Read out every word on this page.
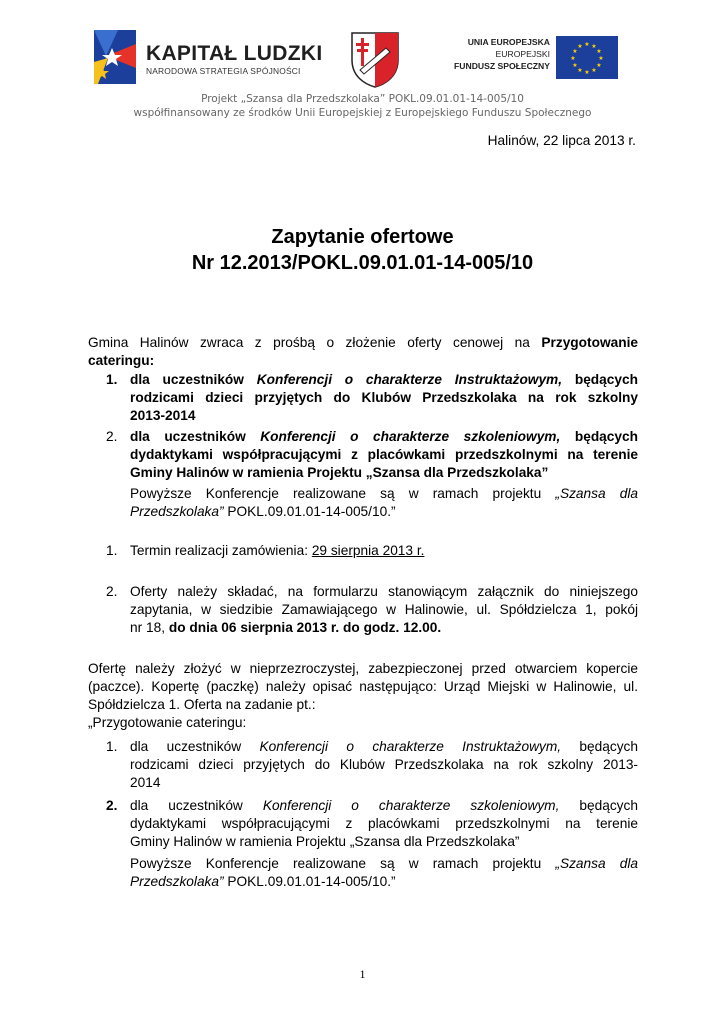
KAPITAŁ LUDZKI
NARODOWA STRATEGIA SPÓJNOŚCI
UNIA EUROPEJSKA
EUROPEJSKI
FUNDUSZ SPOŁECZNY
★ ★
★
★
★
★
★
★
★
★
★
★
Projekt „Szansa dla Przedszkolaka” POKL.09.01.01-14-005/10
współfinansowany ze środków Unii Europejskiej z Europejskiego Funduszu Społecznego
Halinów, 22 lipca 2013 r.
Zapytanie ofertowe
Nr 12.2013/POKL.09.01.01-14-005/10
Gmina Halinów zwraca z prośbą o złożenie oferty cenowej na Przygotowanie
cateringu:
1. dla uczestników Konferencji o charakterze Instruktażowym, będących
rodzicami dzieci przyjętych do Klubów Przedszkolaka na rok szkolny
2013-2014
2. dla uczestników Konferencji o charakterze szkoleniowym, będących
dydaktykami współpracującymi z placówkami przedszkolnymi na terenie
Gminy Halinów w ramienia Projektu „Szansa dla Przedszkolaka”
Powyższe Konferencje realizowane są w ramach projektu „Szansa dla
Przedszkolaka” POKL.09.01.01-14-005/10.”
1. Termin realizacji zamówienia: 29 sierpnia 2013 r.
2. Oferty należy składać, na formularzu stanowiącym załącznik do niniejszego
zapytania, w siedzibie Zamawiającego w Halinowie, ul. Spółdzielcza 1, pokój
nr 18, do dnia 06 sierpnia 2013 r. do godz. 12.00.
Ofertę należy złożyć w nieprzezroczystej, zabezpieczonej przed otwarciem kopercie
(paczce). Kopertę (paczkę) należy opisać następująco: Urząd Miejski w Halinowie, ul.
Spółdzielcza 1. Oferta na zadanie pt.:
„Przygotowanie cateringu:
1. dla uczestników Konferencji o charakterze Instruktażowym, będących
rodzicami dzieci przyjętych do Klubów Przedszkolaka na rok szkolny 2013-
2014
2. dla uczestników Konferencji o charakterze szkoleniowym, będących
dydaktykami współpracującymi z placówkami przedszkolnymi na terenie
Gminy Halinów w ramienia Projektu „Szansa dla Przedszkolaka”
Powyższe Konferencje realizowane są w ramach projektu „Szansa dla
Przedszkolaka” POKL.09.01.01-14-005/10.”
1
